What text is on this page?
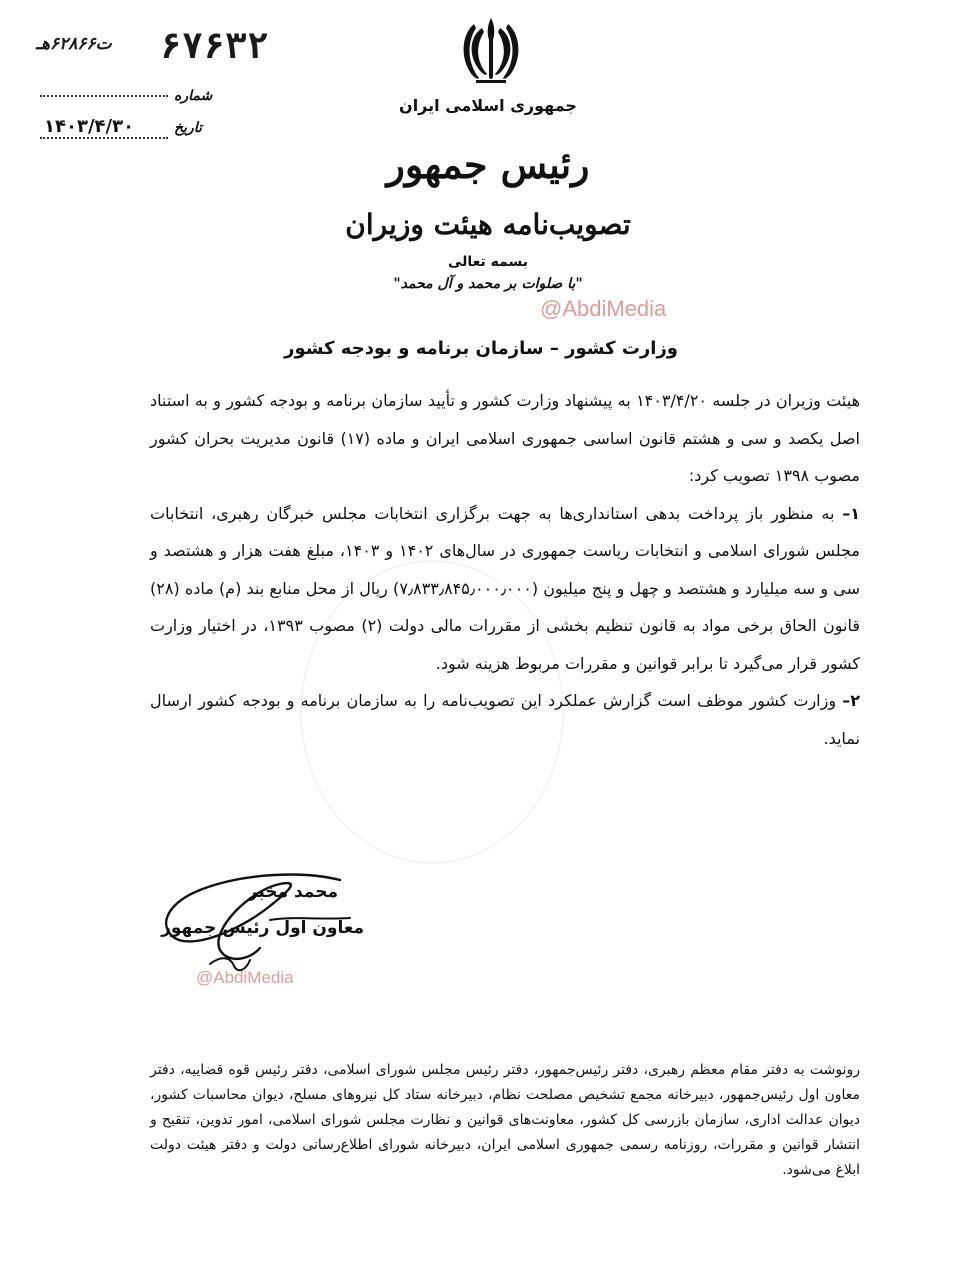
۶۷۶۳۲
ت۶۲۸۶۶هـ
شماره
تاریخ
۱۴۰۳/۴/۳۰
جمهوری اسلامی ایران
رئیس جمهور
تصویب‌نامه هیئت وزیران
بسمه تعالی
"با صلوات بر محمد و آل محمد"
@AbdiMedia
وزارت کشور – سازمان برنامه و بودجه کشور

هیئت وزیران در جلسه ۱۴۰۳/۴/۲۰ به پیشنهاد وزارت کشور و تأیید سازمان برنامه و بودجه کشور و به استناد اصل یکصد و سی و هشتم قانون اساسی جمهوری اسلامی ایران و ماده (۱۷) قانون مدیریت بحران کشور مصوب ۱۳۹۸ تصویب کرد:

۱– به منظور باز پرداخت بدهی استانداری‌ها به جهت برگزاری انتخابات مجلس خبرگان رهبری، انتخابات مجلس شورای اسلامی و انتخابات ریاست جمهوری در سال‌های ۱۴۰۲ و ۱۴۰۳، مبلغ هفت هزار و هشتصد و سی و سه میلیارد و هشتصد و چهل و پنج میلیون (۷٫۸۳۳٫۸۴۵٫۰۰۰٫۰۰۰) ریال از محل منابع بند (م) ماده (۲۸) قانون الحاق برخی مواد به قانون تنظیم بخشی از مقررات مالی دولت (۲) مصوب ۱۳۹۳، در اختیار وزارت کشور قرار می‌گیرد تا برابر قوانین و مقررات مربوط هزینه شود.

۲– وزارت کشور موظف است گزارش عملکرد این تصویب‌نامه را به سازمان برنامه و بودجه کشور ارسال نماید.

محمد مخبر
معاون اول رئیس جمهور
@AbdiMedia
رونوشت به دفتر مقام معظم رهبری، دفتر رئیس‌جمهور، دفتر رئیس مجلس شورای اسلامی، دفتر رئیس قوه قضاییه، دفتر معاون اول رئیس‌جمهور، دبیرخانه مجمع تشخیص مصلحت نظام، دبیرخانه ستاد کل نیروهای مسلح، دیوان محاسبات کشور، دیوان عدالت اداری، سازمان بازرسی کل کشور، معاونت‌های قوانین و نظارت مجلس شورای اسلامی، امور تدوین، تنقیح و انتشار قوانین و مقررات، روزنامه رسمی جمهوری اسلامی ایران، دبیرخانه شورای اطلاع‌رسانی دولت و دفتر هیئت دولت ابلاغ می‌شود.
